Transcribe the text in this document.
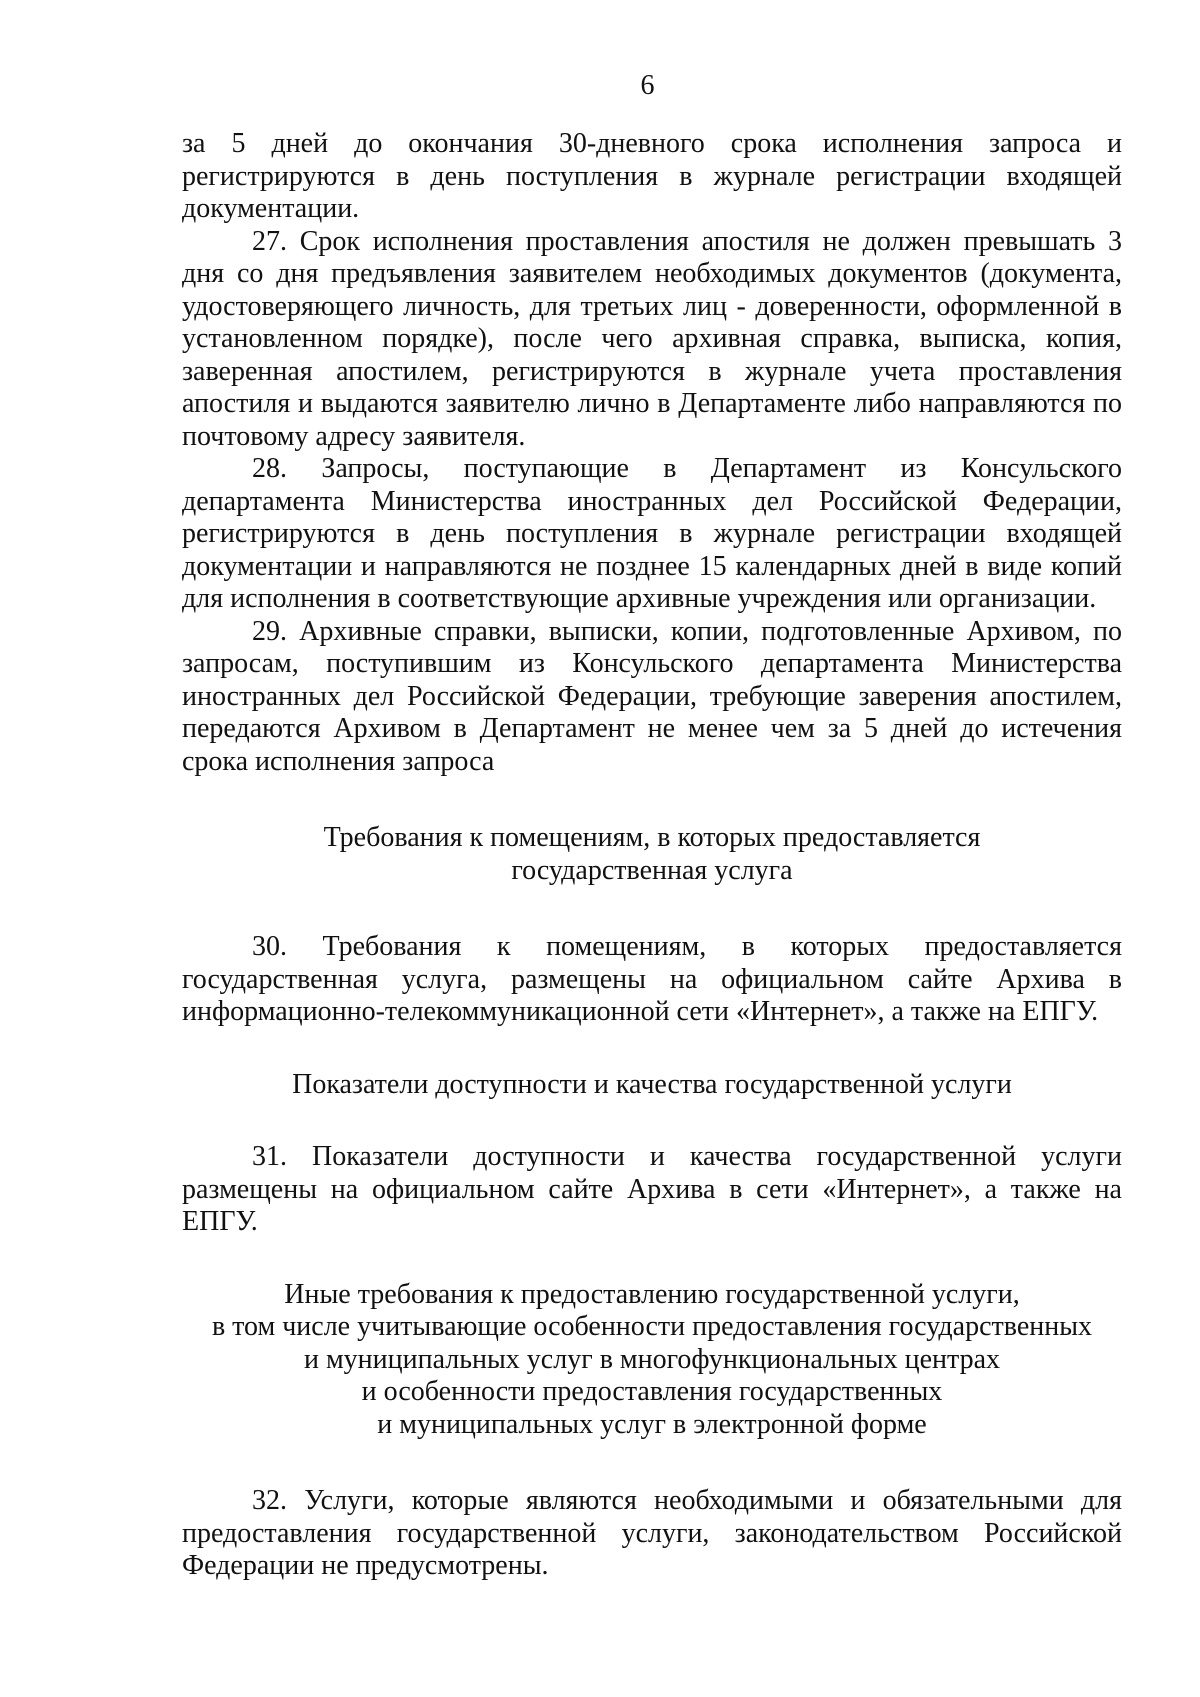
6

за 5 дней до окончания 30-дневного срока исполнения запроса и регистрируются в день поступления в журнале регистрации входящей документации.

27. Срок исполнения проставления апостиля не должен превышать 3 дня со дня предъявления заявителем необходимых документов (документа, удостоверяющего личность, для третьих лиц - доверенности, оформленной в установленном порядке), после чего архивная справка, выписка, копия, заверенная апостилем, регистрируются в журнале учета проставления апостиля и выдаются заявителю лично в Департаменте либо направляются по почтовому адресу заявителя.

28. Запросы, поступающие в Департамент из Консульского департамента Министерства иностранных дел Российской Федерации, регистрируются в день поступления в журнале регистрации входящей документации и направляются не позднее 15 календарных дней в виде копий для исполнения в соответствующие архивные учреждения или организации.

29. Архивные справки, выписки, копии, подготовленные Архивом, по запросам, поступившим из Консульского департамента Министерства иностранных дел Российской Федерации, требующие заверения апостилем, передаются Архивом в Департамент не менее чем за 5 дней до истечения срока исполнения запроса

Требования к помещениям, в которых предоставляется
государственная услуга

30. Требования к помещениям, в которых предоставляется государственная услуга, размещены на официальном сайте Архива в информационно-телекоммуникационной сети «Интернет», а также на ЕПГУ.

Показатели доступности и качества государственной услуги

31. Показатели доступности и качества государственной услуги размещены на официальном сайте Архива в сети «Интернет», а также на ЕПГУ.

Иные требования к предоставлению государственной услуги,
в том числе учитывающие особенности предоставления государственных
и муниципальных услуг в многофункциональных центрах
и особенности предоставления государственных
и муниципальных услуг в электронной форме

32. Услуги, которые являются необходимыми и обязательными для предоставления государственной услуги, законодательством Российской Федерации не предусмотрены.
